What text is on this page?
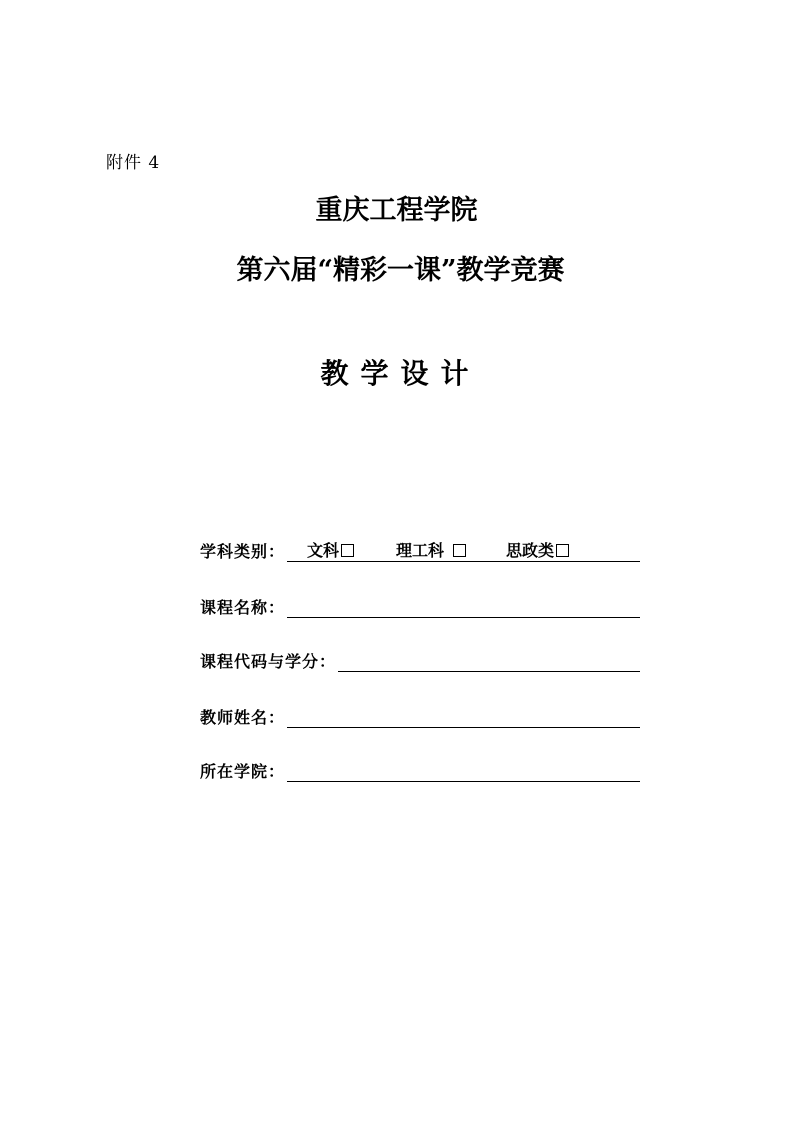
附件 4
重庆工程学院
第六届“精彩一课”教学竞赛
教学设计
学科类别： 文科	理工科	思政类
课程名称：
课程代码与学分：
教师姓名：
所在学院：
